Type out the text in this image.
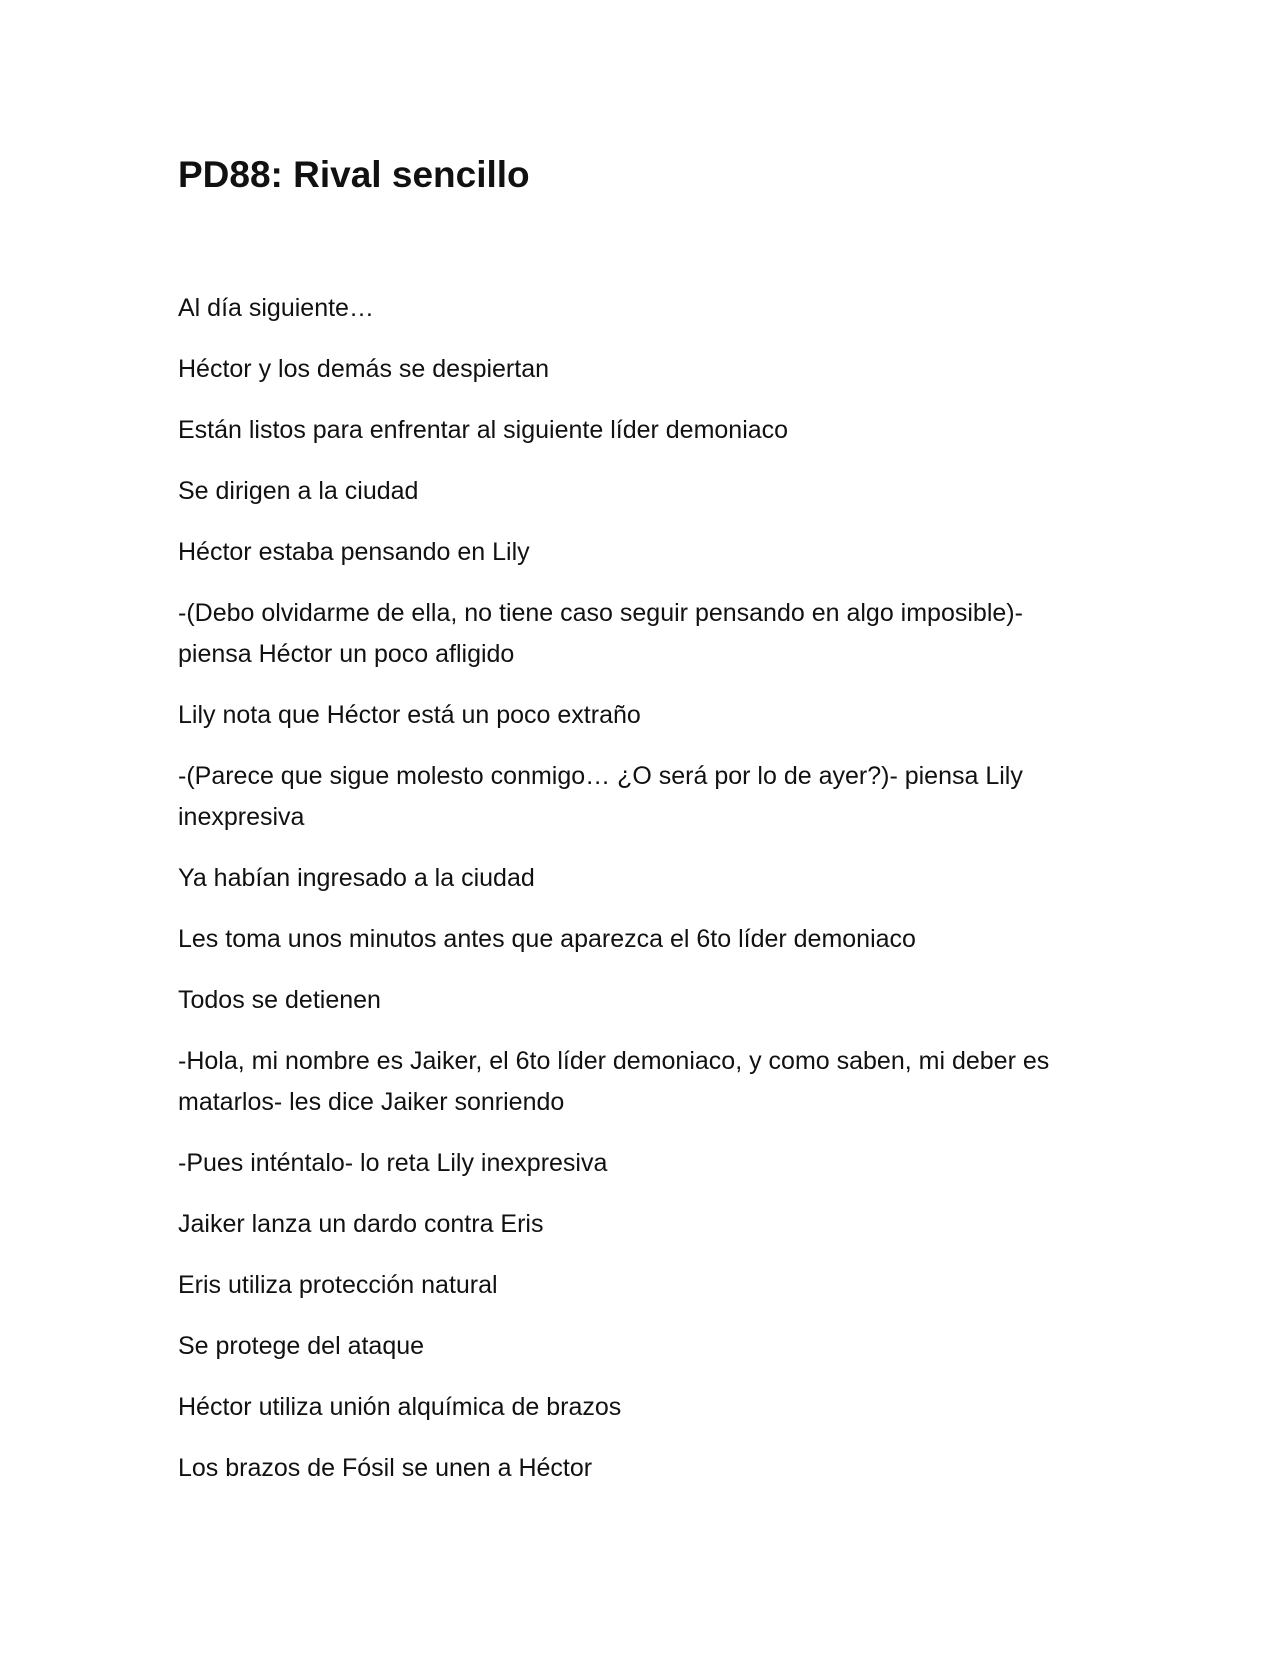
PD88: Rival sencillo

Al día siguiente…

Héctor y los demás se despiertan

Están listos para enfrentar al siguiente líder demoniaco

Se dirigen a la ciudad

Héctor estaba pensando en Lily

-(Debo olvidarme de ella, no tiene caso seguir pensando en algo imposible)- piensa Héctor un poco afligido

Lily nota que Héctor está un poco extraño

-(Parece que sigue molesto conmigo… ¿O será por lo de ayer?)- piensa Lily inexpresiva

Ya habían ingresado a la ciudad

Les toma unos minutos antes que aparezca el 6to líder demoniaco

Todos se detienen

-Hola, mi nombre es Jaiker, el 6to líder demoniaco, y como saben, mi deber es matarlos- les dice Jaiker sonriendo

-Pues inténtalo- lo reta Lily inexpresiva

Jaiker lanza un dardo contra Eris

Eris utiliza protección natural

Se protege del ataque

Héctor utiliza unión alquímica de brazos

Los brazos de Fósil se unen a Héctor
